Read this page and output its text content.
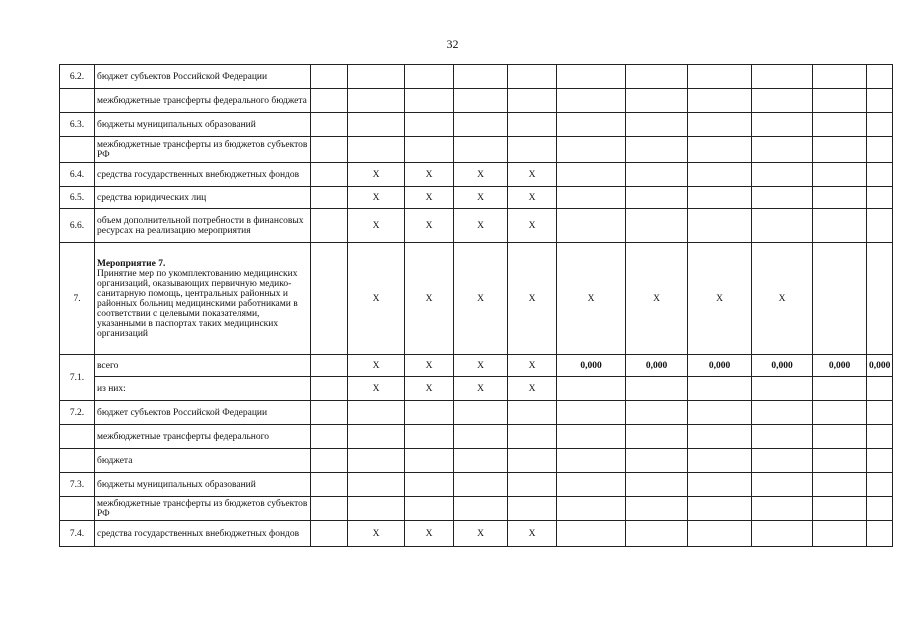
32
6.2.	бюджет субъектов Российской Федерации											
	межбюджетные трансферты федерального бюджета											
6.3.	бюджеты муниципальных образований											
	межбюджетные трансферты из бюджетов субъектов РФ											
6.4.	средства государственных внебюджетных фондов		X	X	X	X						
6.5.	средства юридических лиц		X	X	X	X						
6.6.	объем дополнительной потребности в финансовых ресурсах на реализацию мероприятия		X	X	X	X						
7.	Мероприятие 7.
Принятие мер по укомплектованию медицинских организаций, оказывающих первичную медико-санитарную помощь, центральных районных и районных больниц медицинскими работниками в соответствии с целевыми показателями, указанными в паспортах таких медицинских организаций		X	X	X	X	X	X	X	X		
7.1.	всего		X	X	X	X	0,000	0,000	0,000	0,000	0,000	0,000
	из них:		X	X	X	X						
7.2.	бюджет субъектов Российской Федерации											
	межбюджетные трансферты федерального											
	бюджета											
7.3.	бюджеты муниципальных образований											
	межбюджетные трансферты из бюджетов субъектов РФ											
7.4.	средства государственных внебюджетных фондов		X	X	X	X						
